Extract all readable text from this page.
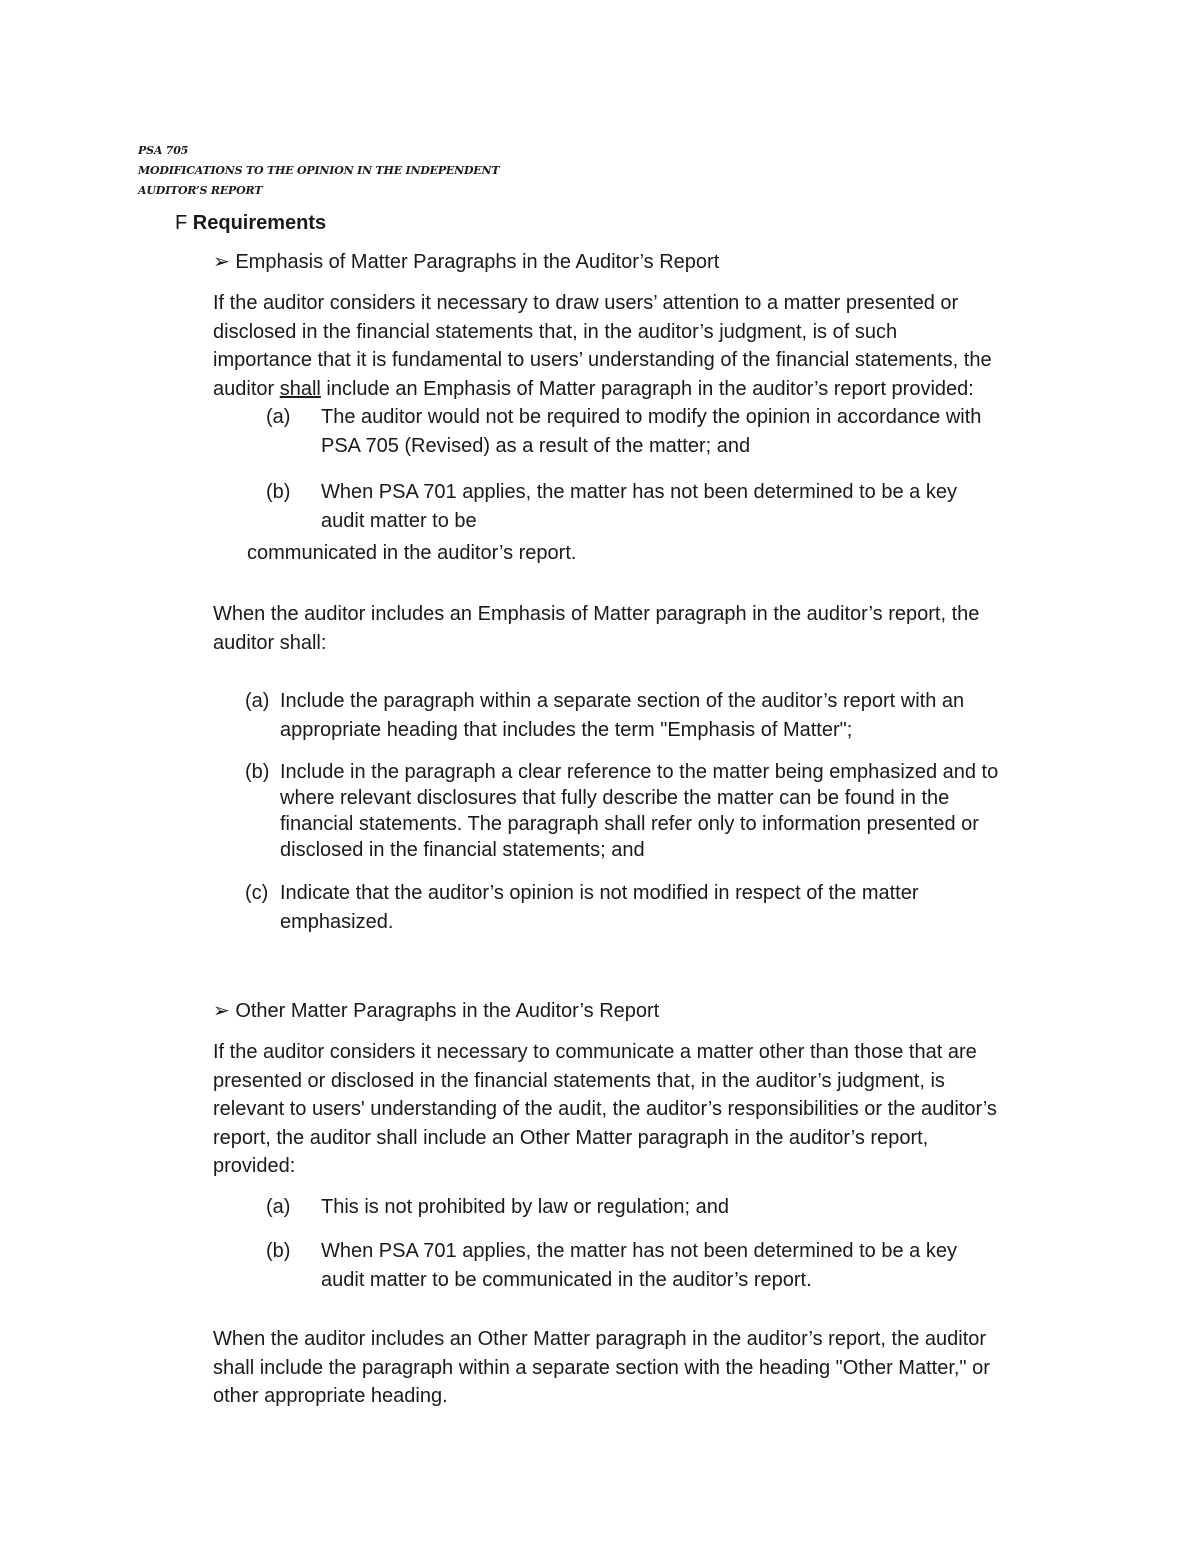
PSA 705
MODIFICATIONS TO THE OPINION IN THE INDEPENDENT
AUDITOR’S REPORT
F Requirements
➢ Emphasis of Matter Paragraphs in the Auditor’s Report
If the auditor considers it necessary to draw users’ attention to a matter presented or
disclosed in the financial statements that, in the auditor’s judgment, is of such
importance that it is fundamental to users’ understanding of the financial statements, the
auditor shall include an Emphasis of Matter paragraph in the auditor’s report provided:
(a) The auditor would not be required to modify the opinion in accordance with
PSA 705 (Revised) as a result of the matter; and
(b) When PSA 701 applies, the matter has not been determined to be a key
audit matter to be
communicated in the auditor’s report.
When the auditor includes an Emphasis of Matter paragraph in the auditor’s report, the
auditor shall:
(a) Include the paragraph within a separate section of the auditor’s report with an
appropriate heading that includes the term "Emphasis of Matter";
(b) Include in the paragraph a clear reference to the matter being emphasized and to
where relevant disclosures that fully describe the matter can be found in the
financial statements. The paragraph shall refer only to information presented or
disclosed in the financial statements; and
(c) Indicate that the auditor’s opinion is not modified in respect of the matter
emphasized.
➢ Other Matter Paragraphs in the Auditor’s Report
If the auditor considers it necessary to communicate a matter other than those that are
presented or disclosed in the financial statements that, in the auditor’s judgment, is
relevant to users' understanding of the audit, the auditor’s responsibilities or the auditor’s
report, the auditor shall include an Other Matter paragraph in the auditor’s report,
provided:
(a) This is not prohibited by law or regulation; and
(b) When PSA 701 applies, the matter has not been determined to be a key
audit matter to be communicated in the auditor’s report.
When the auditor includes an Other Matter paragraph in the auditor’s report, the auditor
shall include the paragraph within a separate section with the heading "Other Matter," or
other appropriate heading.
